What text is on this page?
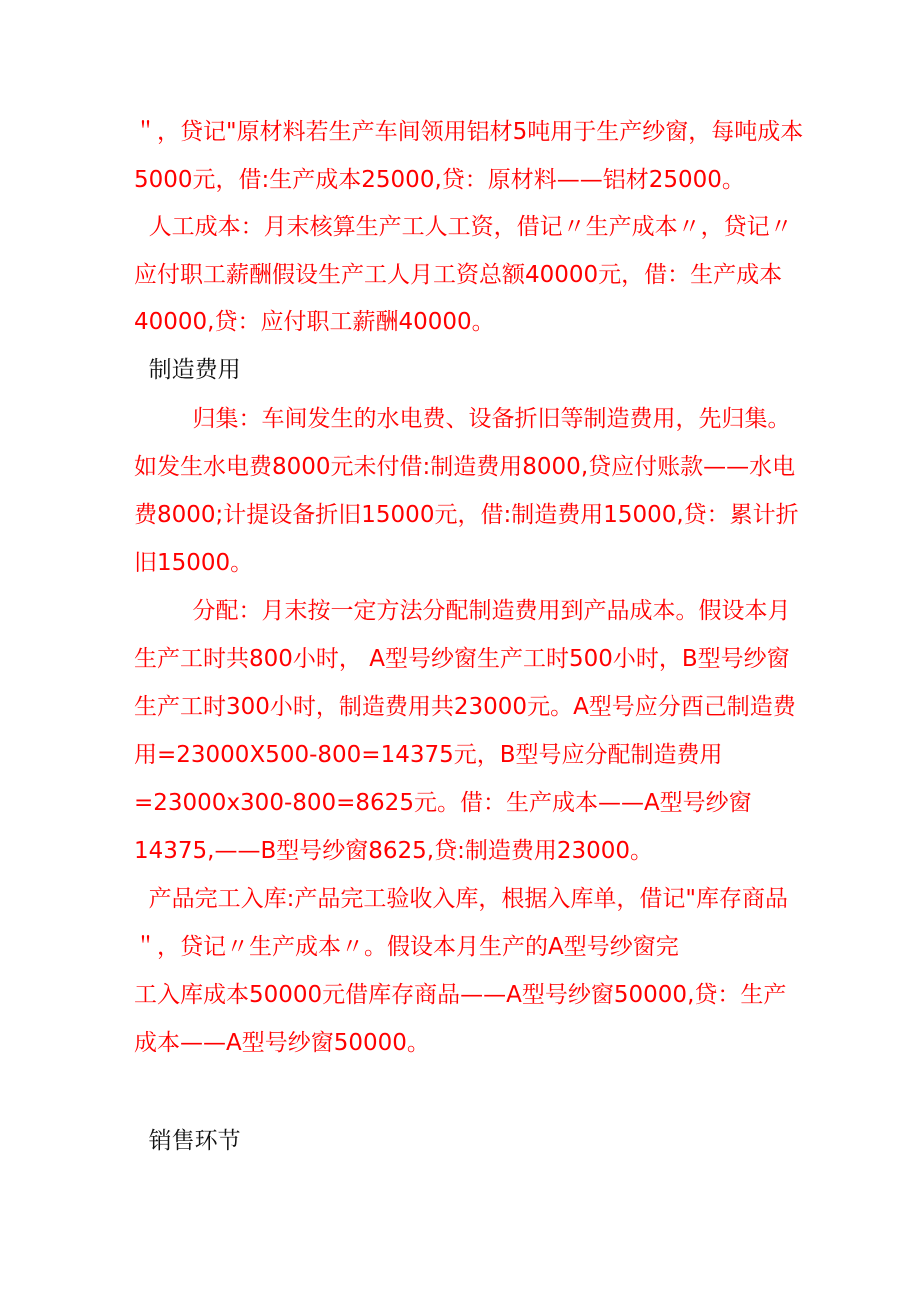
＂，贷记"原材料若生产车间领用铝材5吨用于生产纱窗，每吨成本
5000元，借:生产成本25000,贷：原材料——铝材25000。
人工成本：月末核算生产工人工资，借记〃生产成本〃，贷记〃
应付职工薪酬假设生产工人月工资总额40000元，借：生产成本
40000,贷：应付职工薪酬40000。
制造费用
归集：车间发生的水电费、设备折旧等制造费用，先归集。
如发生水电费8000元未付借:制造费用8000,贷应付账款——水电
费8000;计提设备折旧15000元，借:制造费用15000,贷：累计折
旧15000。
分配：月末按一定方法分配制造费用到产品成本。假设本月
生产工时共800小时， A型号纱窗生产工时500小时，B型号纱窗
生产工时300小时，制造费用共23000元。A型号应分酉己制造费
用=23000X500-800=14375元，B型号应分配制造费用
=23000x300-800=8625元。借：生产成本——A型号纱窗
14375,——B型号纱窗8625,贷:制造费用23000。
产品完工入库:产品完工验收入库，根据入库单，借记"库存商品
＂，贷记〃生产成本〃。假设本月生产的A型号纱窗完
工入库成本50000元借库存商品——A型号纱窗50000,贷：生产
成本——A型号纱窗50000。
销售环节
